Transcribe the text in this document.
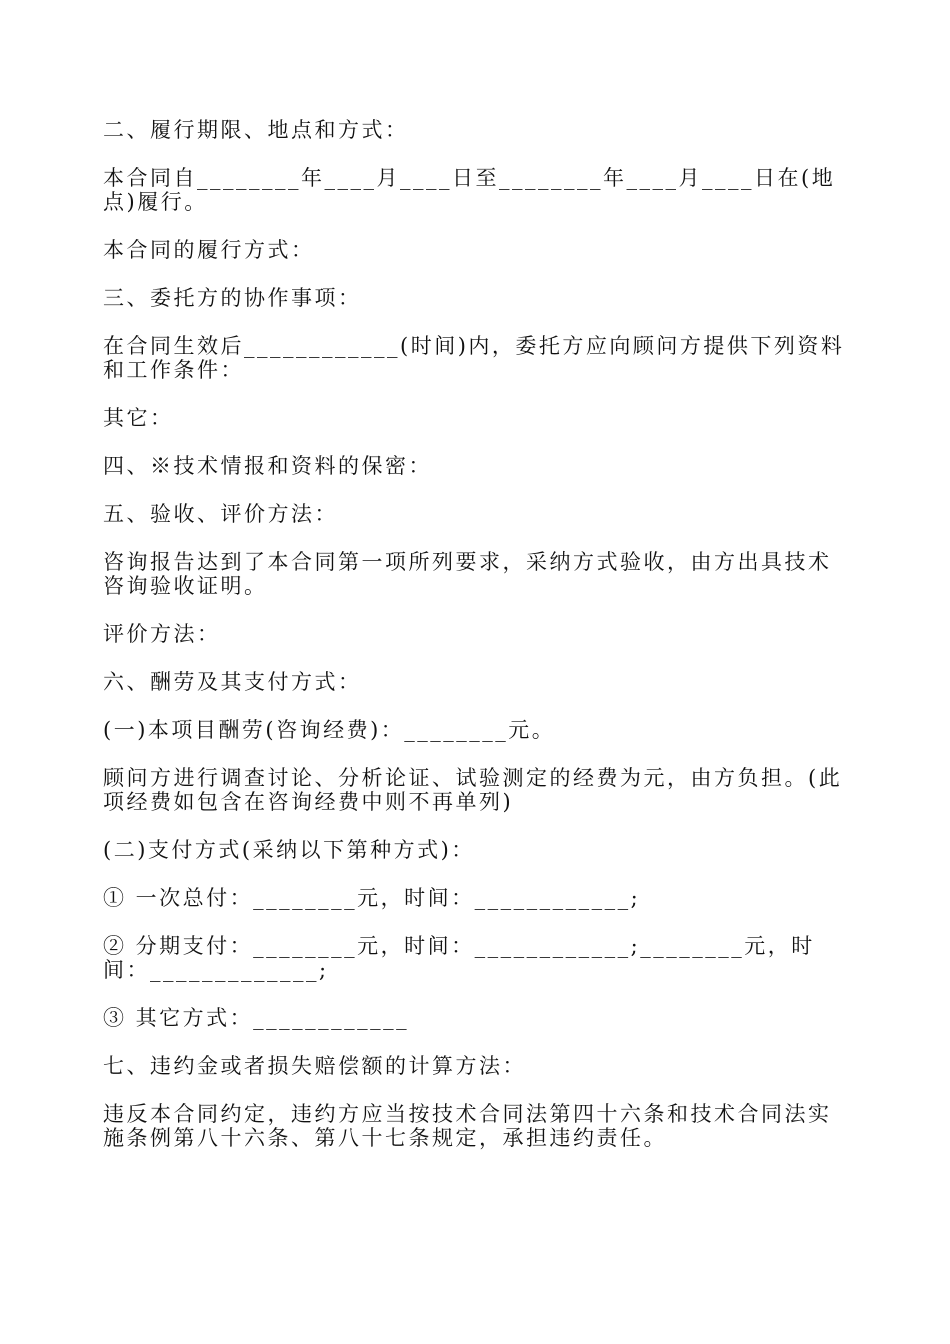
二、履行期限、地点和方式：

本合同自________年____月____日至________年____月____日在(地点)履行。

本合同的履行方式：

三、委托方的协作事项：

在合同生效后____________(时间)内，委托方应向顾问方提供下列资料和工作条件：

其它：

四、※技术情报和资料的保密：

五、验收、评价方法：

咨询报告达到了本合同第一项所列要求，采纳方式验收，由方出具技术咨询验收证明。

评价方法：

六、酬劳及其支付方式：

(一)本项目酬劳(咨询经费)：________元。

顾问方进行调查讨论、分析论证、试验测定的经费为元，由方负担。(此项经费如包含在咨询经费中则不再单列)

(二)支付方式(采纳以下第种方式)：

① 一次总付：________元，时间：____________;

② 分期支付：________元，时间：____________;________元，时间：_____________;

③ 其它方式：____________

七、违约金或者损失赔偿额的计算方法：

违反本合同约定，违约方应当按技术合同法第四十六条和技术合同法实施条例第八十六条、第八十七条规定，承担违约责任。
